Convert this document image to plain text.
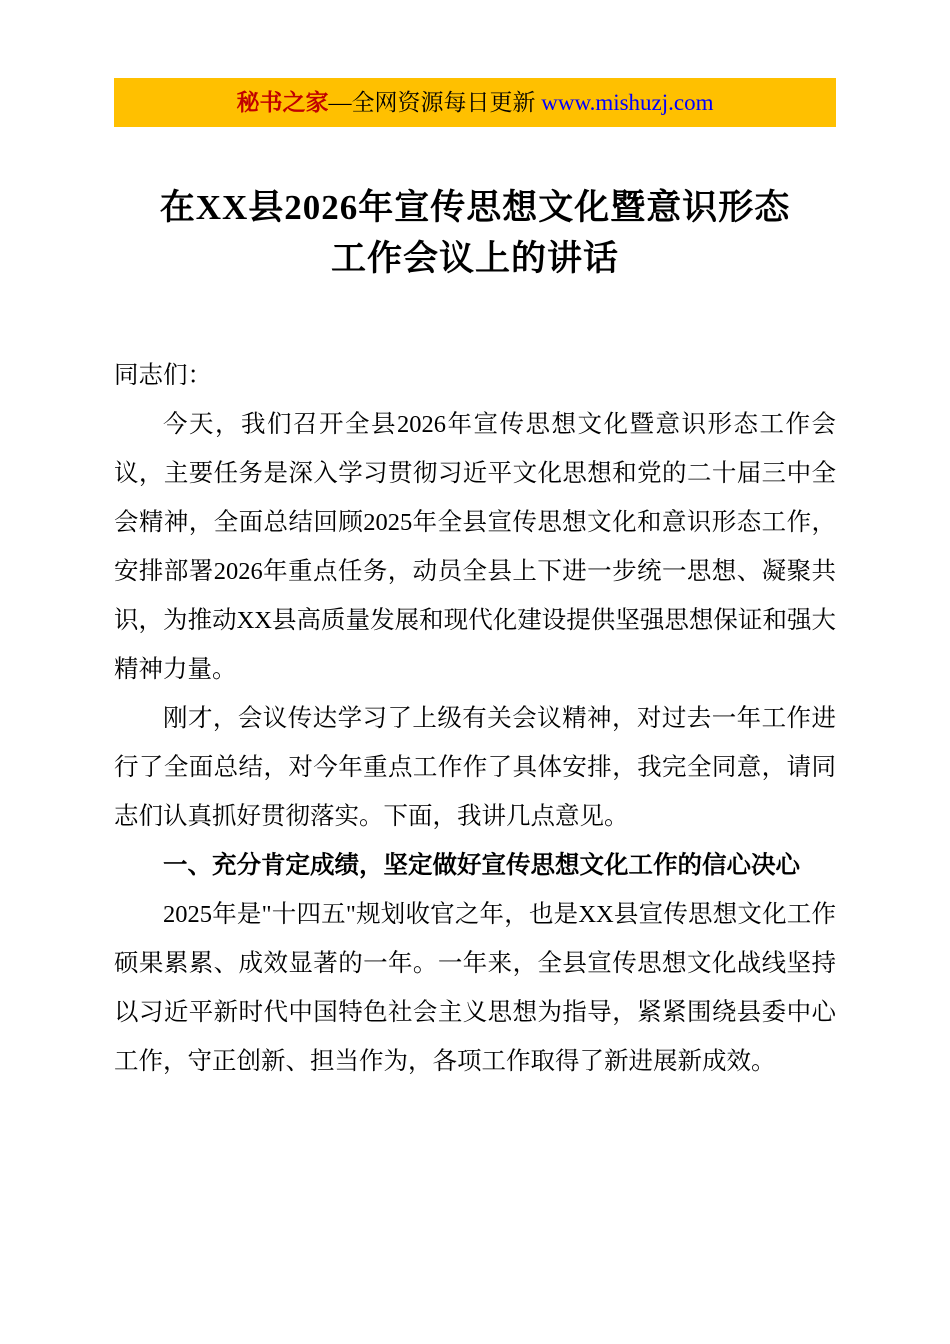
秘书之家—全网资源每日更新 www.mishuzj.com
在XX县2026年宣传思想文化暨意识形态
工作会议上的讲话

同志们：

今天，我们召开全县2026年宣传思想文化暨意识形态工作会议，主要任务是深入学习贯彻习近平文化思想和党的二十届三中全会精神，全面总结回顾2025年全县宣传思想文化和意识形态工作，安排部署2026年重点任务，动员全县上下进一步统一思想、凝聚共识，为推动XX县高质量发展和现代化建设提供坚强思想保证和强大精神力量。

刚才，会议传达学习了上级有关会议精神，对过去一年工作进行了全面总结，对今年重点工作作了具体安排，我完全同意，请同志们认真抓好贯彻落实。下面，我讲几点意见。

一、充分肯定成绩，坚定做好宣传思想文化工作的信心决心

2025年是"十四五"规划收官之年，也是XX县宣传思想文化工作硕果累累、成效显著的一年。一年来，全县宣传思想文化战线坚持以习近平新时代中国特色社会主义思想为指导，紧紧围绕县委中心工作，守正创新、担当作为，各项工作取得了新进展新成效。
